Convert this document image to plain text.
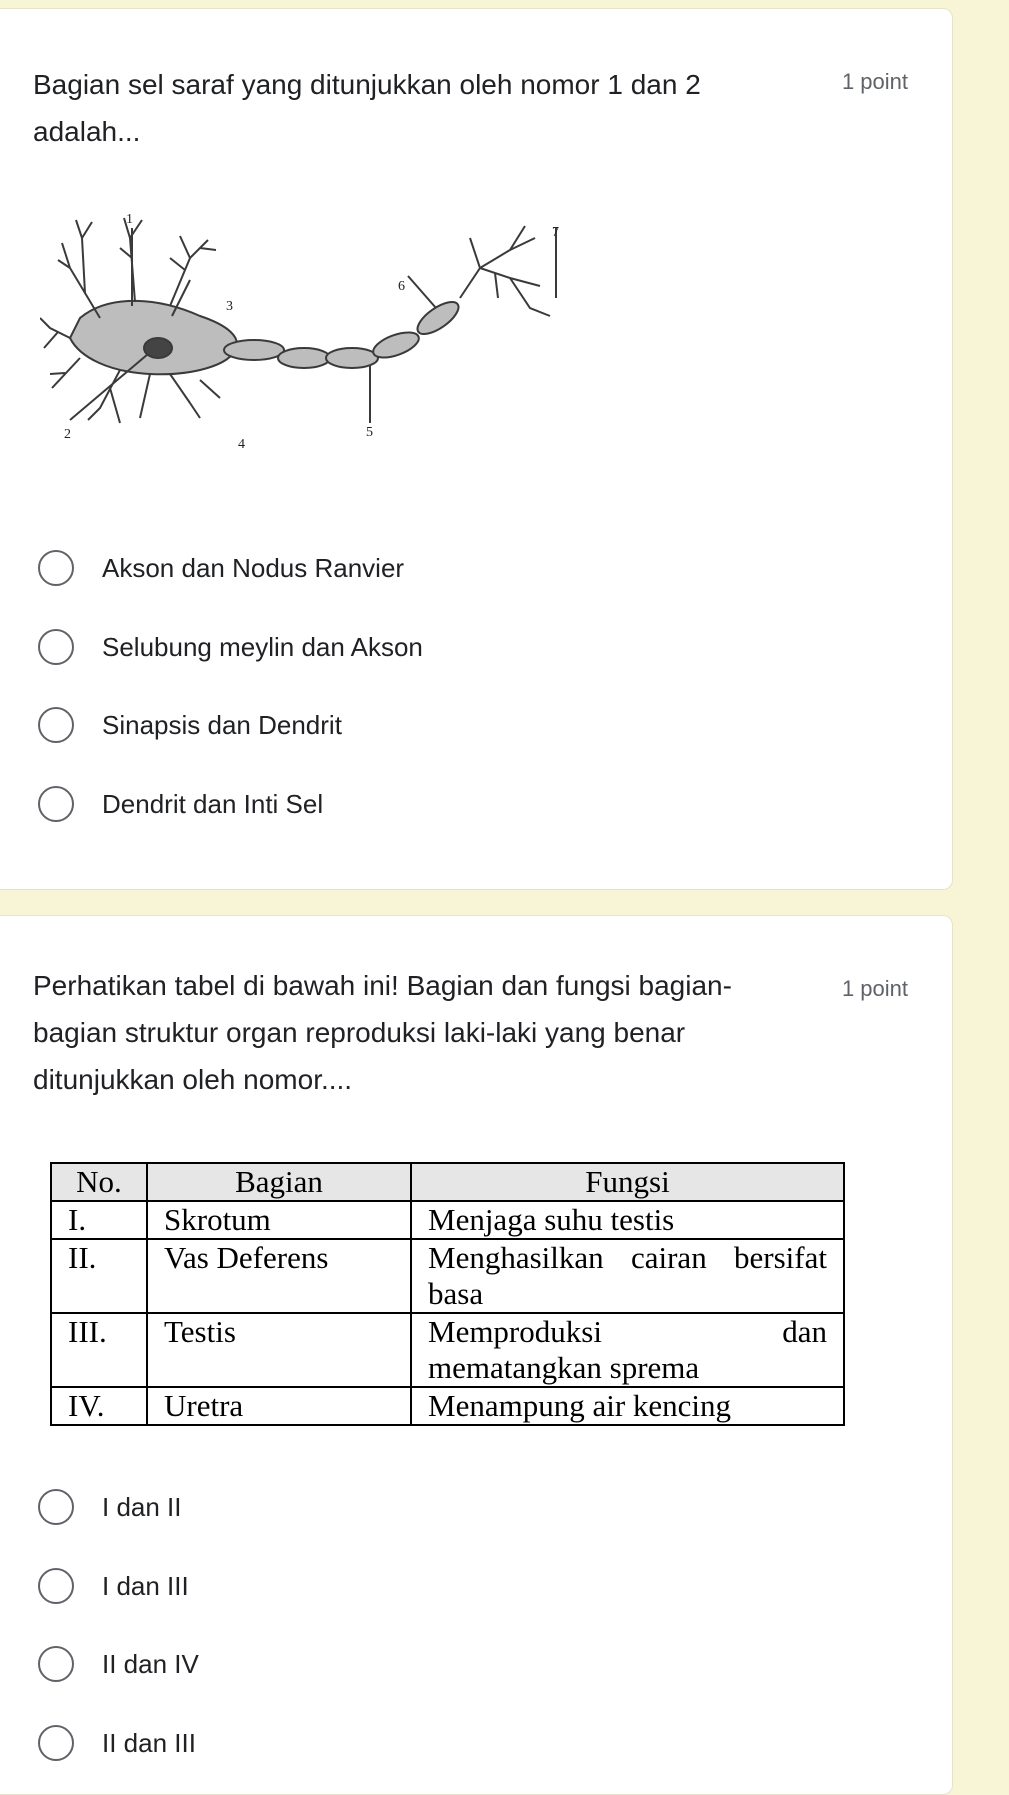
Bagian sel saraf yang ditunjukkan oleh nomor 1 dan 2 adalah...
1 point
1
2
3
4
5
6
7
Akson dan Nodus Ranvier
Selubung meylin dan Akson
Sinapsis dan Dendrit
Dendrit dan Inti Sel
Perhatikan tabel di bawah ini! Bagian dan fungsi bagian-bagian struktur organ reproduksi laki-laki yang benar ditunjukkan oleh nomor....
1 point
No.	Bagian	Fungsi
I.	Skrotum	Menjaga suhu testis
II.	Vas Deferens	Menghasilkan cairan bersifat basa
III.	Testis	Memproduksi dan mematangkan sprema
IV.	Uretra	Menampung air kencing
I dan II
I dan III
II dan IV
II dan III
